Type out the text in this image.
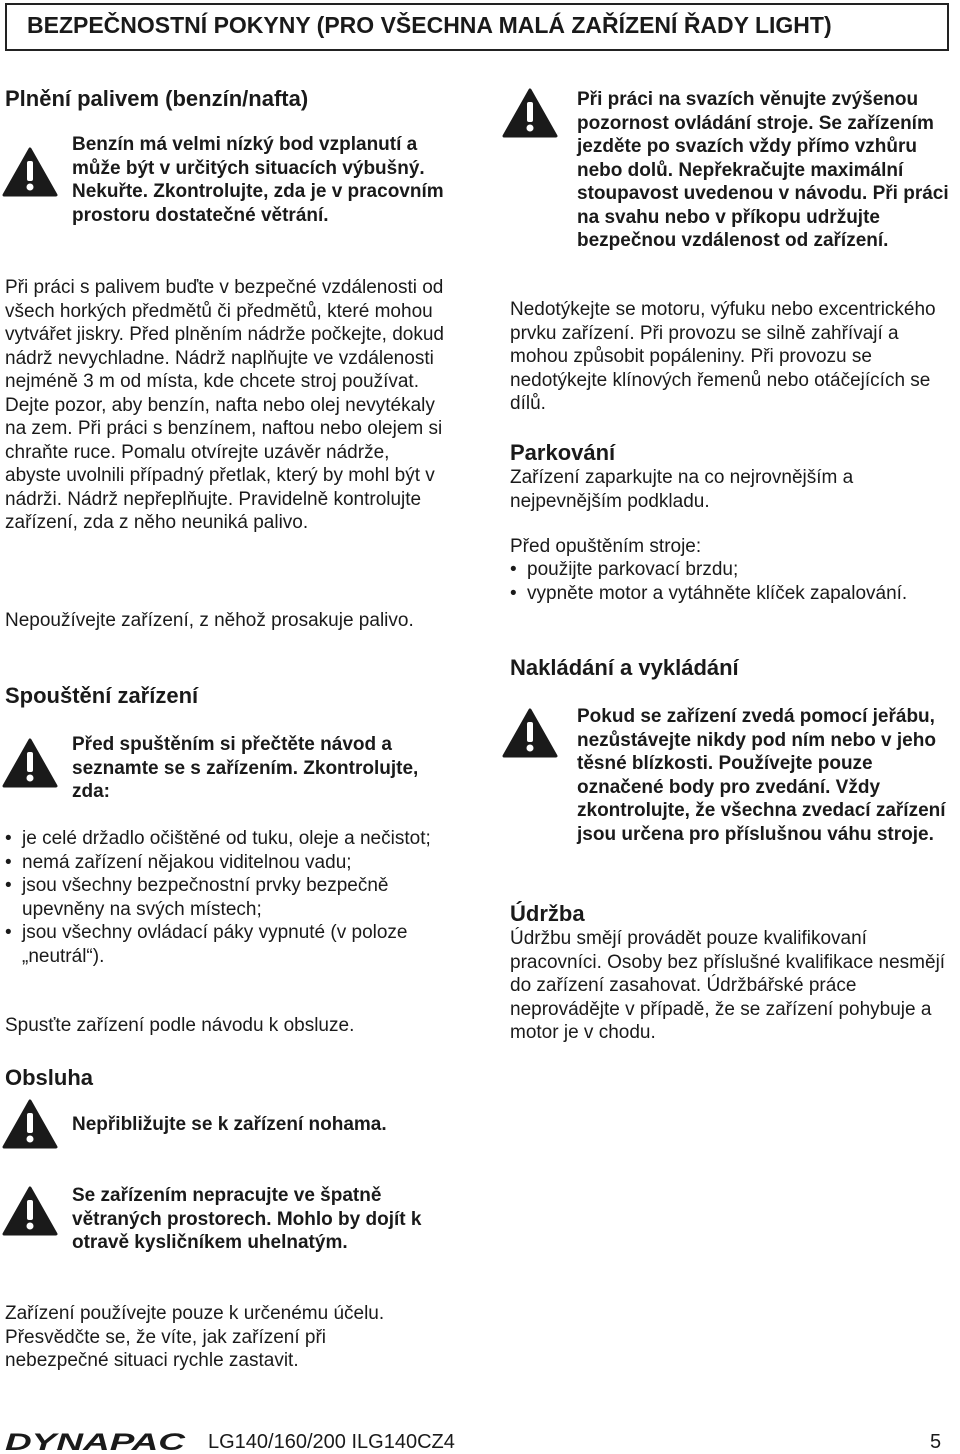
BEZPEČNOSTNÍ POKYNY (PRO VŠECHNA MALÁ ZAŘÍZENÍ ŘADY LIGHT)
Plnění palivem (benzín/nafta)

Benzín má velmi nízký bod vzplanutí a může být v určitých situacích výbušný. Nekuřte. Zkontrolujte, zda je v pracovním prostoru dostatečné větrání.

Při práci s palivem buďte v bezpečné vzdálenosti od všech horkých předmětů či předmětů, které mohou vytvářet jiskry. Před plněním nádrže počkejte, dokud nádrž nevychladne. Nádrž naplňujte ve vzdálenosti nejméně 3 m od místa, kde chcete stroj používat. Dejte pozor, aby benzín, nafta nebo olej nevytékaly na zem. Při práci s benzínem, naftou nebo olejem si chraňte ruce. Pomalu otvírejte uzávěr nádrže, abyste uvolnili případný přetlak, který by mohl být v nádrži. Nádrž nepřeplňujte. Pravidelně kontrolujte zařízení, zda z něho neuniká palivo.

Nepoužívejte zařízení, z něhož prosakuje palivo.

Spouštění zařízení

Před spuštěním si přečtěte návod a seznamte se s zařízením. Zkontrolujte, zda:

• je celé držadlo očištěné od tuku, oleje a nečistot;
• nemá zařízení nějakou viditelnou vadu;
• jsou všechny bezpečnostní prvky bezpečně upevněny na svých místech;
• jsou všechny ovládací páky vypnuté (v poloze „neutrál“).

Spusťte zařízení podle návodu k obsluze.

Obsluha

Nepřibližujte se k zařízení nohama.

Se zařízením nepracujte ve špatně větraných prostorech. Mohlo by dojít k otravě kysličníkem uhelnatým.

Zařízení používejte pouze k určenému účelu. Přesvědčte se, že víte, jak zařízení při nebezpečné situaci rychle zastavit.

Při práci na svazích věnujte zvýšenou pozornost ovládání stroje. Se zařízením jezděte po svazích vždy přímo vzhůru nebo dolů. Nepřekračujte maximální stoupavost uvedenou v návodu. Při práci na svahu nebo v příkopu udržujte bezpečnou vzdálenost od zařízení.

Nedotýkejte se motoru, výfuku nebo excentrického prvku zařízení. Při provozu se silně zahřívají a mohou způsobit popáleniny. Při provozu se nedotýkejte klínových řemenů nebo otáčejících se dílů.

Parkování

Zařízení zaparkujte na co nejrovnějším a nejpevnějším podkladu.

Před opuštěním stroje:

• použijte parkovací brzdu;
• vypněte motor a vytáhněte klíček zapalování.
Nakládání a vykládání

Pokud se zařízení zvedá pomocí jeřábu, nezůstávejte nikdy pod ním nebo v jeho těsné blízkosti. Používejte pouze označené body pro zvedání. Vždy zkontrolujte, že všechna zvedací zařízení jsou určena pro příslušnou váhu stroje.

Údržba

Údržbu smějí provádět pouze kvalifikovaní pracovníci. Osoby bez příslušné kvalifikace nesmějí do zařízení zasahovat. Údržbářské práce neprovádějte v případě, že se zařízení pohybuje a motor je v chodu.

DYNAPAC LG140/160/200 ILG140CZ4	5
